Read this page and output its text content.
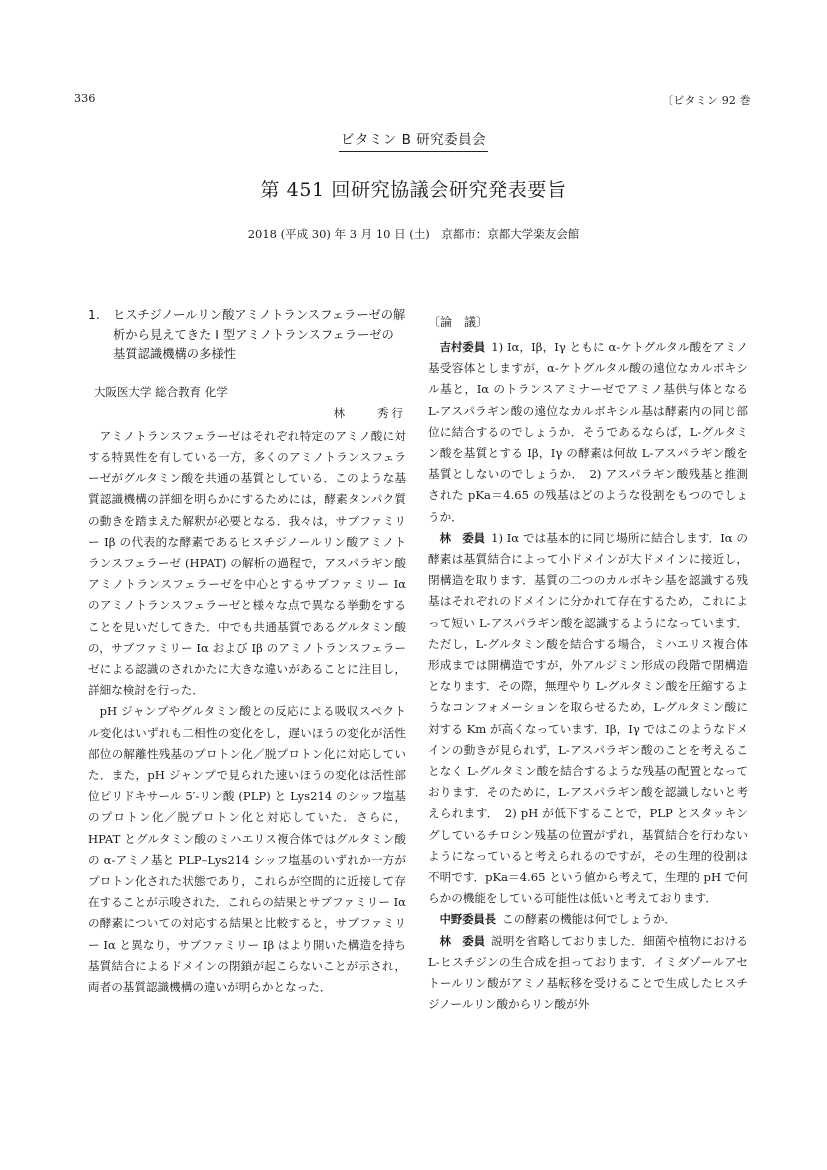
336	〔ビタミン 92 巻
ビタミン B 研究委員会
第 451 回研究協議会研究発表要旨
2018 (平成 30) 年 3 月 10 日 (土)　京都市：京都大学楽友会館
1.	ヒスチジノールリン酸アミノトランスフェラーゼの解析から見えてきた I 型アミノトランスフェラーゼの基質認識機構の多様性
大阪医大学 総合教育 化学
林　　秀行

アミノトランスフェラーゼはそれぞれ特定のアミノ酸に対する特異性を有している一方，多くのアミノトランスフェラーゼがグルタミン酸を共通の基質としている．このような基質認識機構の詳細を明らかにするためには，酵素タンパク質の動きを踏まえた解釈が必要となる．我々は，サブファミリー Iβ の代表的な酵素であるヒスチジノールリン酸アミノトランスフェラーゼ (HPAT) の解析の過程で，アスパラギン酸アミノトランスフェラーゼを中心とするサブファミリー Iα のアミノトランスフェラーゼと様々な点で異なる挙動をすることを見いだしてきた．中でも共通基質であるグルタミン酸の，サブファミリー Iα および Iβ のアミノトランスフェラーゼによる認識のされかたに大きな違いがあることに注目し，詳細な検討を行った．

pH ジャンプやグルタミン酸との反応による吸収スペクトル変化はいずれも二相性の変化をし，遅いほうの変化が活性部位の解離性残基のプロトン化／脱プロトン化に対応していた．また，pH ジャンプで見られた速いほうの変化は活性部位ピリドキサール 5′-リン酸 (PLP) と Lys214 のシッフ塩基のプロトン化／脱プロトン化と対応していた．さらに，HPAT とグルタミン酸のミハエリス複合体ではグルタミン酸の α-アミノ基と PLP–Lys214 シッフ塩基のいずれか一方がプロトン化された状態であり，これらが空間的に近接して存在することが示唆された．これらの結果とサブファミリー Iα の酵素についての対応する結果と比較すると，サブファミリー Iα と異なり，サブファミリー Iβ はより開いた構造を持ち基質結合によるドメインの閉鎖が起こらないことが示され，両者の基質認識機構の違いが明らかとなった．

〔論　議〕

吉村委員 1) Iα，Iβ，Iγ ともに α-ケトグルタル酸をアミノ基受容体としますが，α-ケトグルタル酸の遠位なカルボキシル基と，Iα のトランスアミナーゼでアミノ基供与体となる L-アスパラギン酸の遠位なカルボキシル基は酵素内の同じ部位に結合するのでしょうか．そうであるならば，L-グルタミン酸を基質とする Iβ，Iγ の酵素は何故 L-アスパラギン酸を基質としないのでしょうか．　2) アスパラギン酸残基と推測された pKa＝4.65 の残基はどのような役割をもつのでしょうか．

林　委員 1) Iα では基本的に同じ場所に結合します．Iα の酵素は基質結合によって小ドメインが大ドメインに接近し，閉構造を取ります．基質の二つのカルボキシ基を認識する残基はそれぞれのドメインに分かれて存在するため，これによって短い L-アスパラギン酸を認識するようになっています．ただし，L-グルタミン酸を結合する場合，ミハエリス複合体形成までは開構造ですが，外アルジミン形成の段階で閉構造となります．その際，無理やり L-グルタミン酸を圧縮するようなコンフォメーションを取らせるため，L-グルタミン酸に対する Km が高くなっています．Iβ，Iγ ではこのようなドメインの動きが見られず，L-アスパラギン酸のことを考えることなく L-グルタミン酸を結合するような残基の配置となっております．そのために，L-アスパラギン酸を認識しないと考えられます．　2) pH が低下することで，PLP とスタッキングしているチロシン残基の位置がずれ，基質結合を行わないようになっていると考えられるのですが，その生理的役割は不明です．pKa＝4.65 という値から考えて，生理的 pH で何らかの機能をしている可能性は低いと考えております．

中野委員長 この酵素の機能は何でしょうか．

林　委員 説明を省略しておりました．細菌や植物における L-ヒスチジンの生合成を担っております．イミダゾールアセトールリン酸がアミノ基転移を受けることで生成したヒスチジノールリン酸からリン酸が外
